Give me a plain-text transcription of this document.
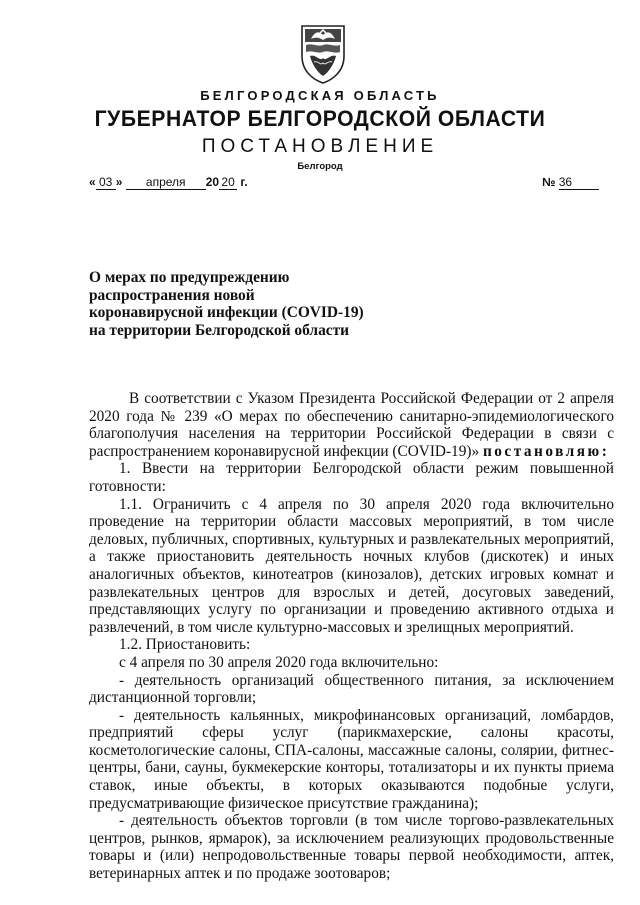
БЕЛГОРОДСКАЯ ОБЛАСТЬ
ГУБЕРНАТОР БЕЛГОРОДСКОЙ ОБЛАСТИ
ПОСТАНОВЛЕНИЕ
Белгород
« 03 » апреля 20 20 г.	№ 36
О мерах по предупреждению
распространения новой
коронавирусной инфекции (COVID-19)
на территории Белгородской области

В соответствии с Указом Президента Российской Федерации от 2 апреля 2020 года № 239 «О мерах по обеспечению санитарно-эпидемиологического благополучия населения на территории Российской Федерации в связи с распространением коронавирусной инфекции (COVID-19)» постановляю:

1. Ввести на территории Белгородской области режим повышенной готовности:

1.1. Ограничить с 4 апреля по 30 апреля 2020 года включительно проведение на территории области массовых мероприятий, в том числе деловых, публичных, спортивных, культурных и развлекательных мероприятий, а также приостановить деятельность ночных клубов (дискотек) и иных аналогичных объектов, кинотеатров (кинозалов), детских игровых комнат и развлекательных центров для взрослых и детей, досуговых заведений, представляющих услугу по организации и проведению активного отдыха и развлечений, в том числе культурно-массовых и зрелищных мероприятий.

1.2. Приостановить:

с 4 апреля по 30 апреля 2020 года включительно:

- деятельность организаций общественного питания, за исключением дистанционной торговли;

- деятельность кальянных, микрофинансовых организаций, ломбардов, предприятий сферы услуг (парикмахерские, салоны красоты, косметологические салоны, СПА-салоны, массажные салоны, солярии, фитнес-центры, бани, сауны, букмекерские конторы, тотализаторы и их пункты приема ставок, иные объекты, в которых оказываются подобные услуги, предусматривающие физическое присутствие гражданина);

- деятельность объектов торговли (в том числе торгово-развлекательных центров, рынков, ярмарок), за исключением реализующих продовольственные товары и (или) непродовольственные товары первой необходимости, аптек, ветеринарных аптек и по продаже зоотоваров;
